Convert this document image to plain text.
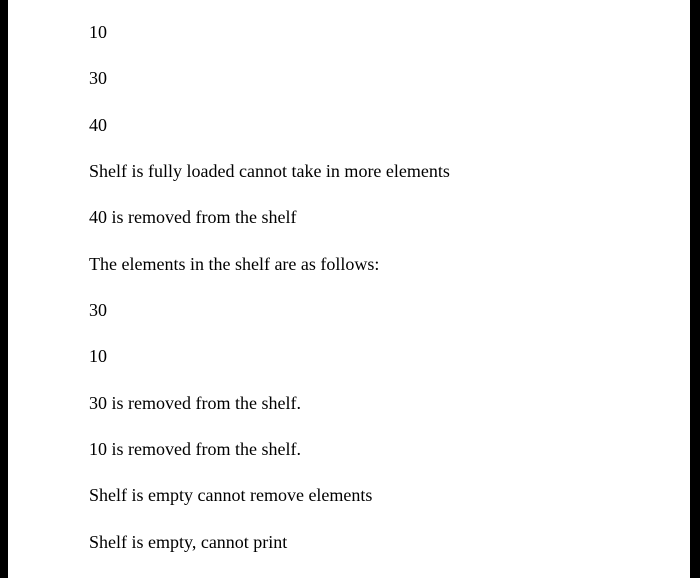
10

30

40

Shelf is fully loaded cannot take in more elements

40 is removed from the shelf

The elements in the shelf are as follows:

30

10

30 is removed from the shelf.

10 is removed from the shelf.

Shelf is empty cannot remove elements

Shelf is empty, cannot print
